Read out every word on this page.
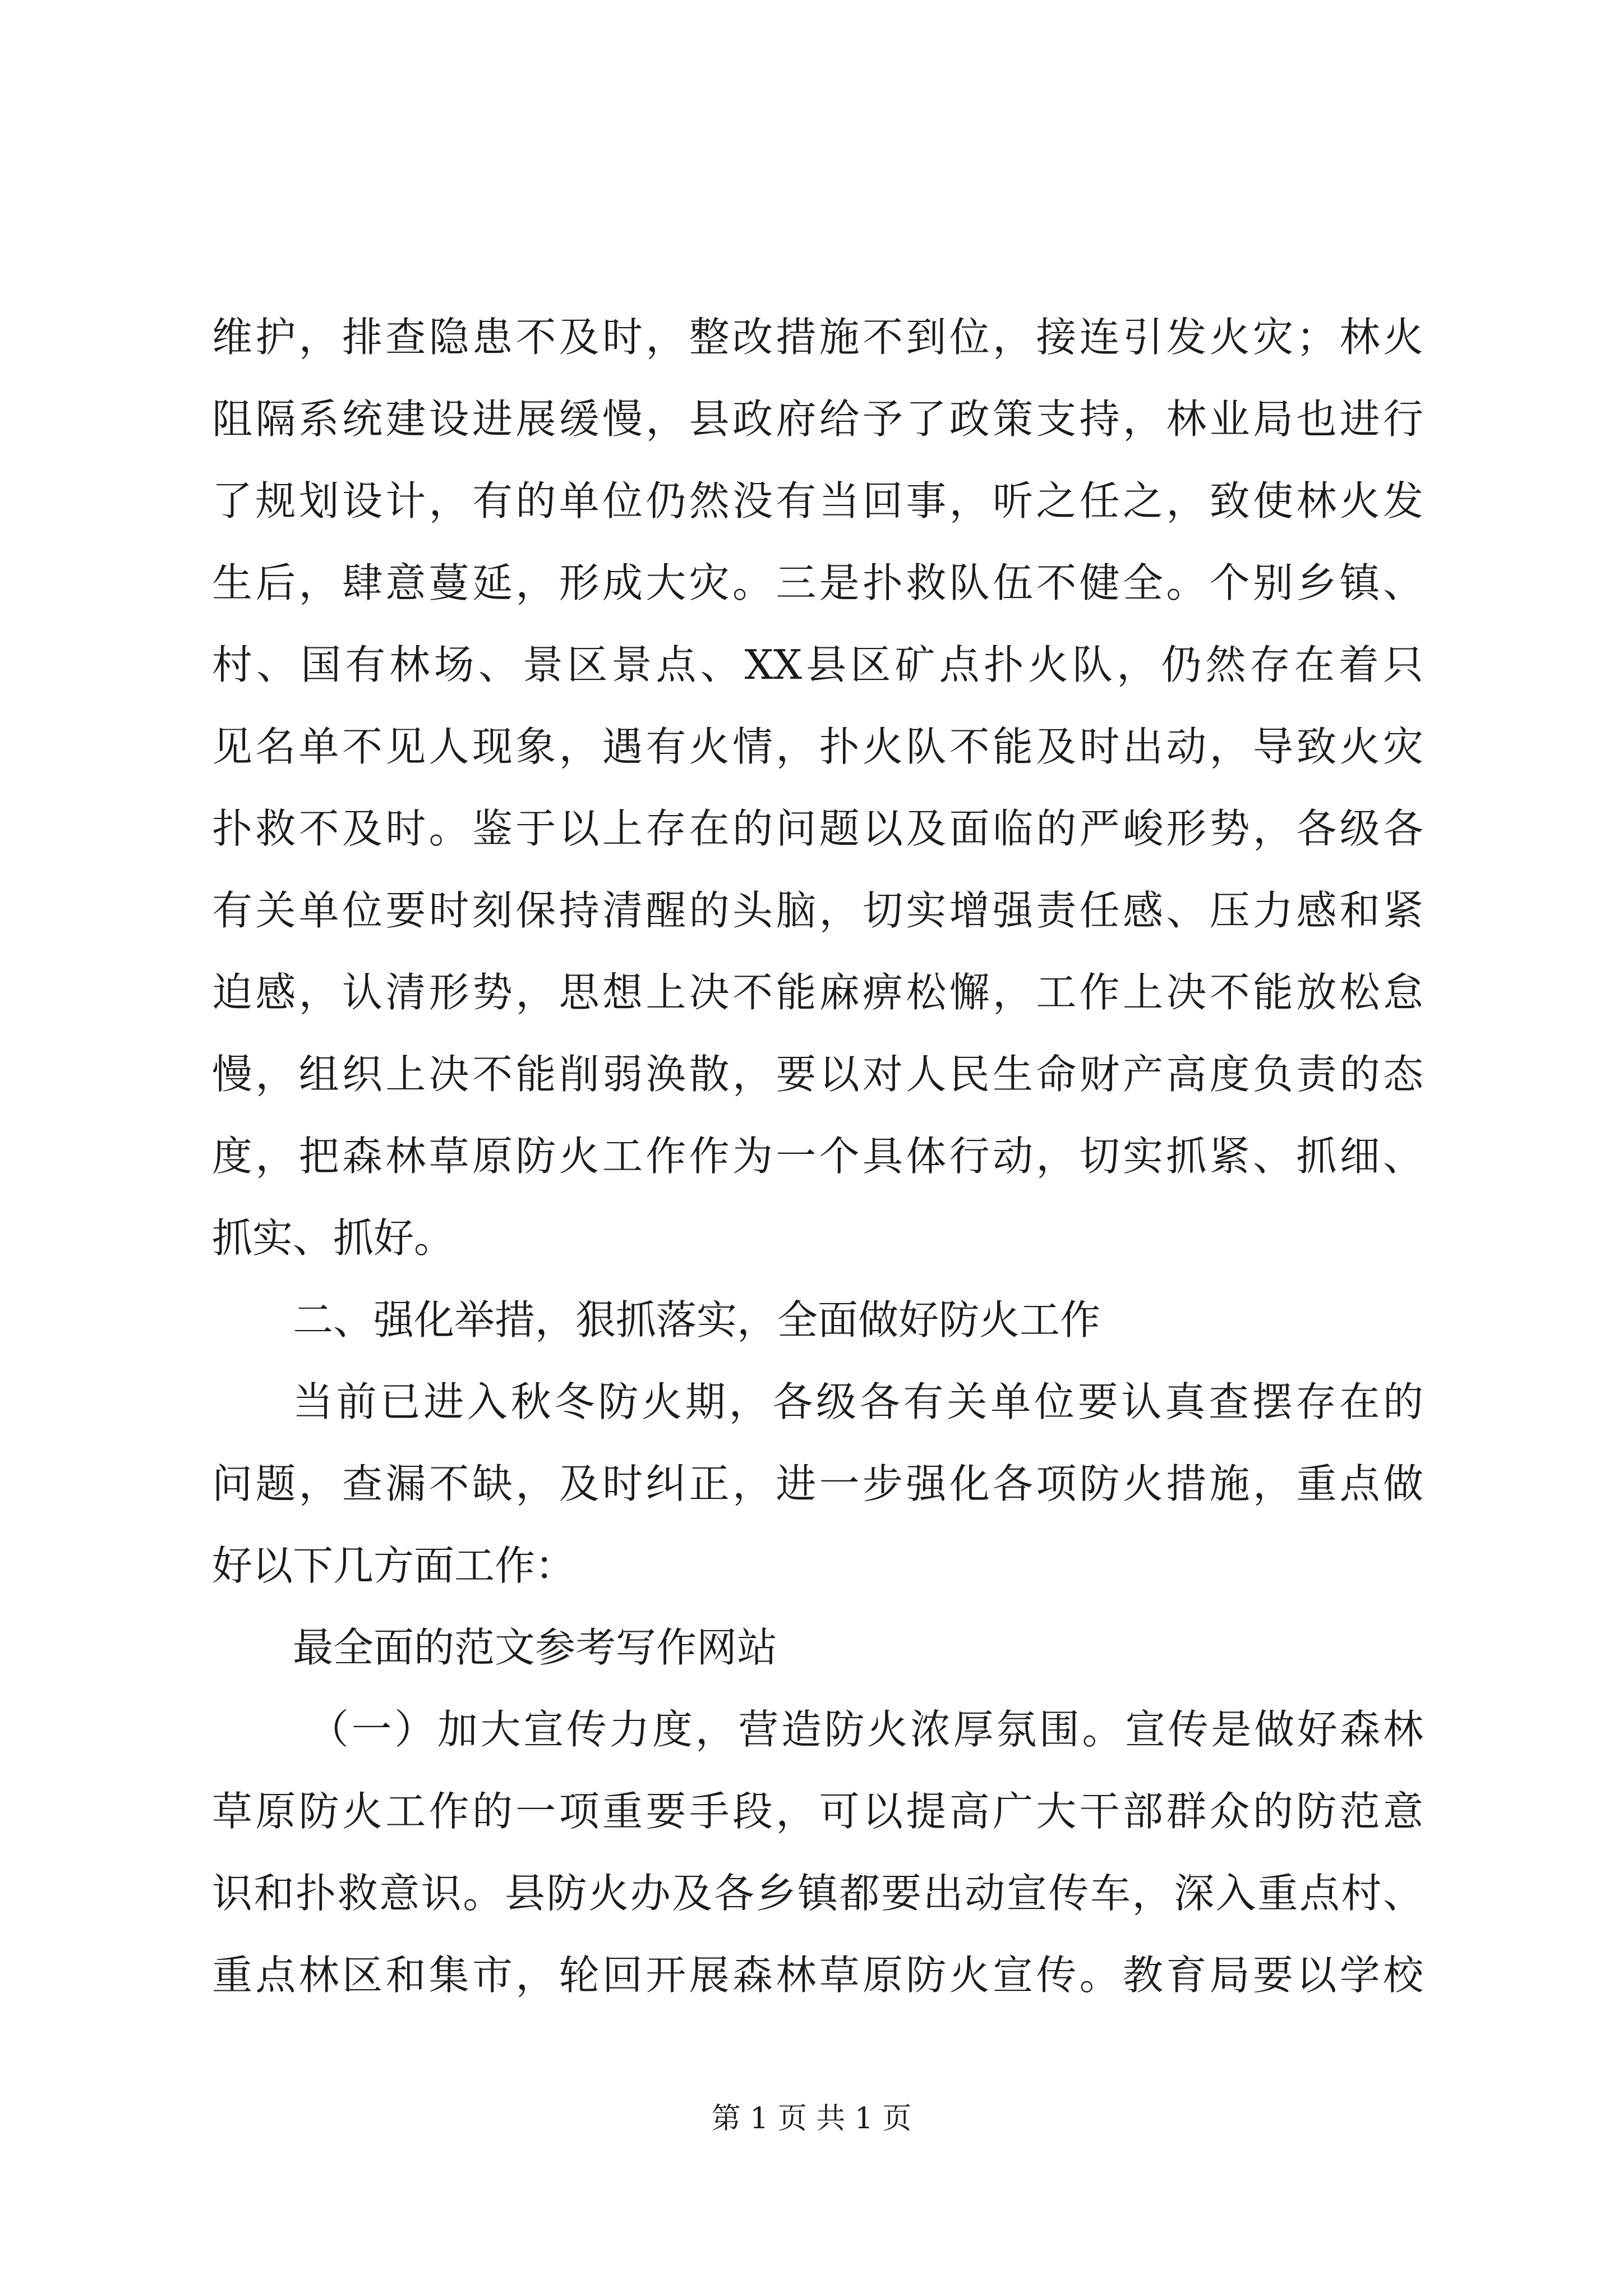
维护，排查隐患不及时，整改措施不到位，接连引发火灾；林火
阻隔系统建设进展缓慢，县政府给予了政策支持，林业局也进行
了规划设计，有的单位仍然没有当回事，听之任之，致使林火发
生后，肆意蔓延，形成大灾。三是扑救队伍不健全。个别乡镇、
村、国有林场、景区景点、XX县区矿点扑火队，仍然存在着只
见名单不见人现象，遇有火情，扑火队不能及时出动，导致火灾
扑救不及时。鉴于以上存在的问题以及面临的严峻形势，各级各
有关单位要时刻保持清醒的头脑，切实增强责任感、压力感和紧
迫感，认清形势，思想上决不能麻痹松懈，工作上决不能放松怠
慢，组织上决不能削弱涣散，要以对人民生命财产高度负责的态
度，把森林草原防火工作作为一个具体行动，切实抓紧、抓细、
抓实、抓好。
二、强化举措，狠抓落实，全面做好防火工作
当前已进入秋冬防火期，各级各有关单位要认真查摆存在的
问题，查漏不缺，及时纠正，进一步强化各项防火措施，重点做
好以下几方面工作：
最全面的范文参考写作网站
（一）加大宣传力度，营造防火浓厚氛围。宣传是做好森林
草原防火工作的一项重要手段，可以提高广大干部群众的防范意
识和扑救意识。县防火办及各乡镇都要出动宣传车，深入重点村、
重点林区和集市，轮回开展森林草原防火宣传。教育局要以学校
第 1 页 共 1 页
